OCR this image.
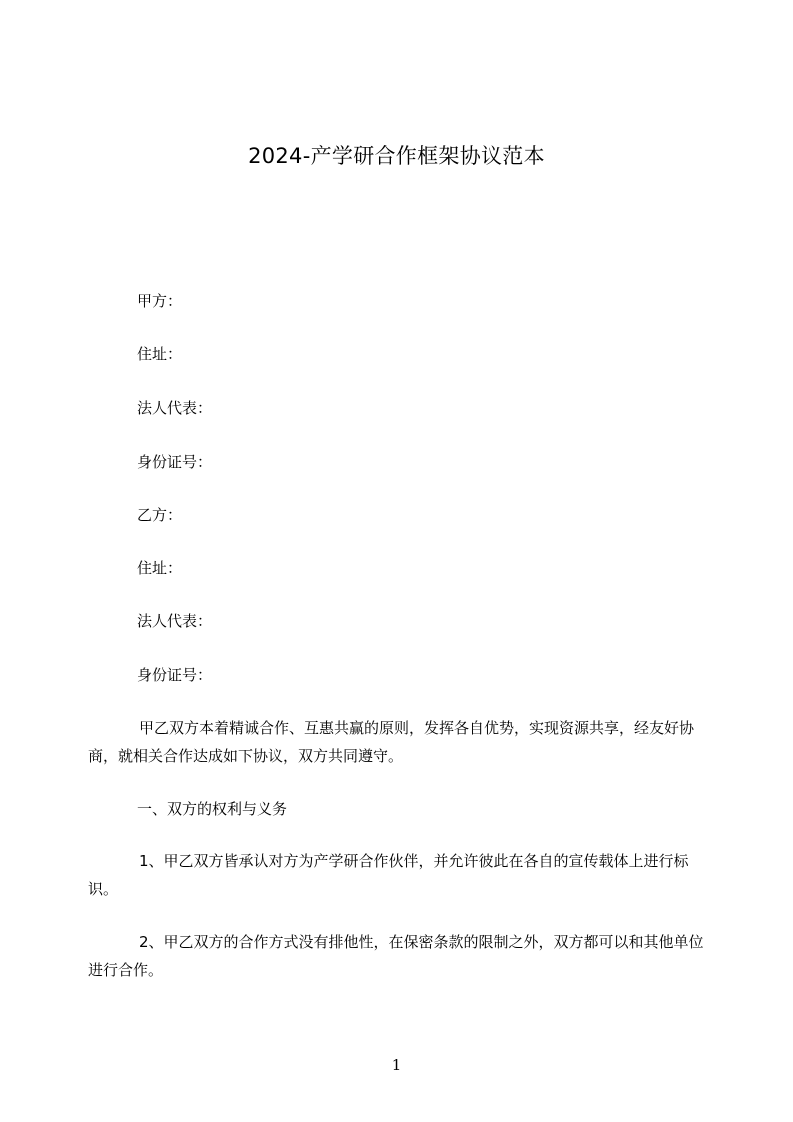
2024-产学研合作框架协议范本
甲方：
住址：
法人代表：
身份证号：
乙方：
住址：
法人代表：
身份证号：
甲乙双方本着精诚合作、互惠共赢的原则，发挥各自优势，实现资源共享，经友好协商，就相关合作达成如下协议，双方共同遵守。
一、双方的权利与义务
1、甲乙双方皆承认对方为产学研合作伙伴，并允许彼此在各自的宣传载体上进行标识。
2、甲乙双方的合作方式没有排他性，在保密条款的限制之外，双方都可以和其他单位进行合作。
1
